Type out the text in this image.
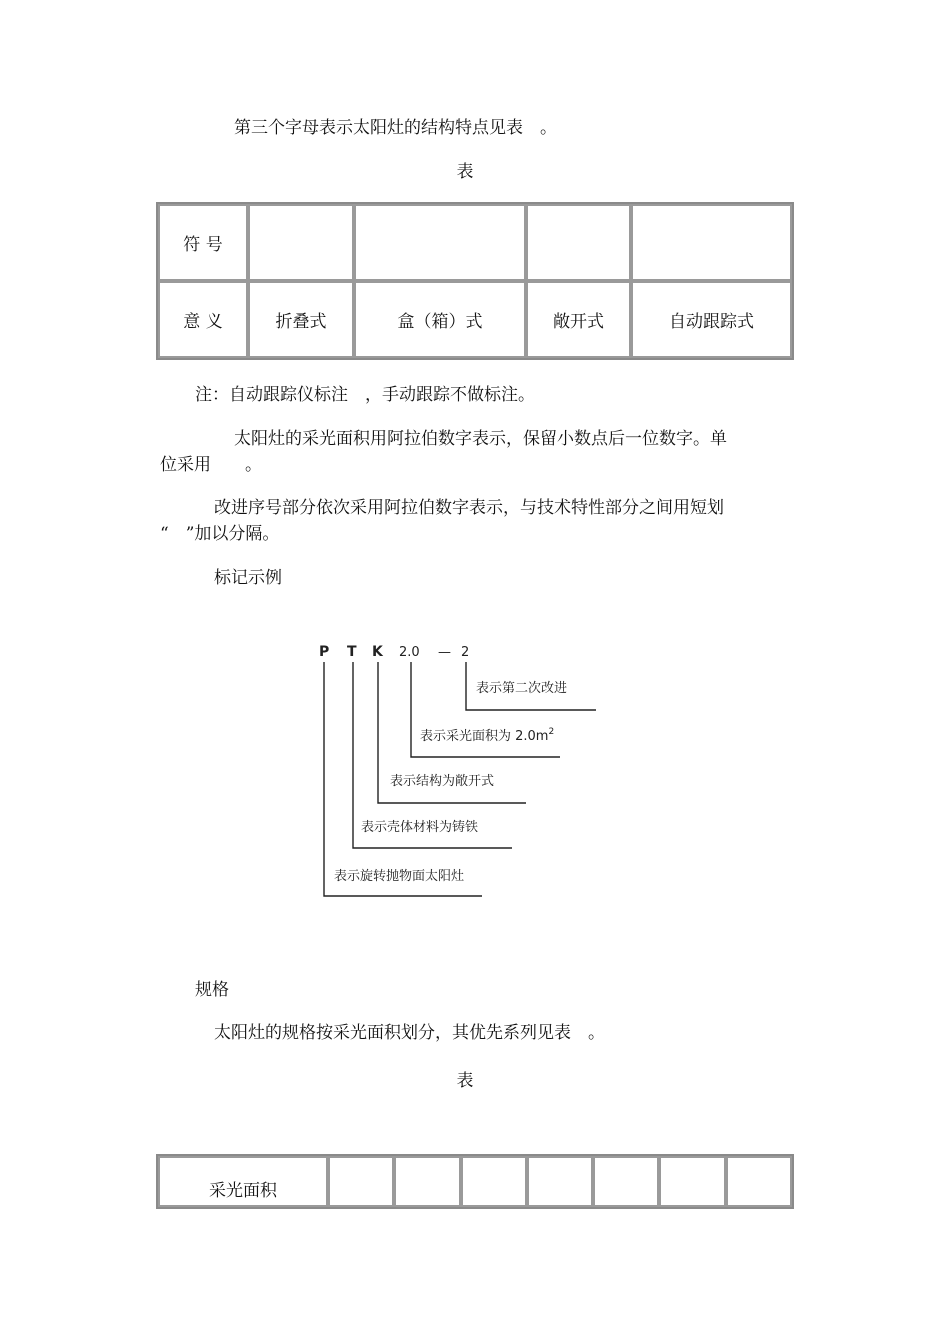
第三个字母表示太阳灶的结构特点见表　。
表
符 号				
意 义	折叠式	盒（箱）式	敞开式	自动跟踪式
注：自动跟踪仪标注　，手动跟踪不做标注。
太阳灶的采光面积用阿拉伯数字表示，保留小数点后一位数字。单
位采用　　。
改进序号部分依次采用阿拉伯数字表示，与技术特性部分之间用短划
“　”加以分隔。
标记示例
P T K 2.0 — 2
表示第二次改进
表示采光面积为 $2.0m^2$
表示结构为敞开式
表示壳体材料为铸铁
表示旋转抛物面太阳灶
规格
太阳灶的规格按采光面积划分，其优先系列见表　。
表
采光面积							
